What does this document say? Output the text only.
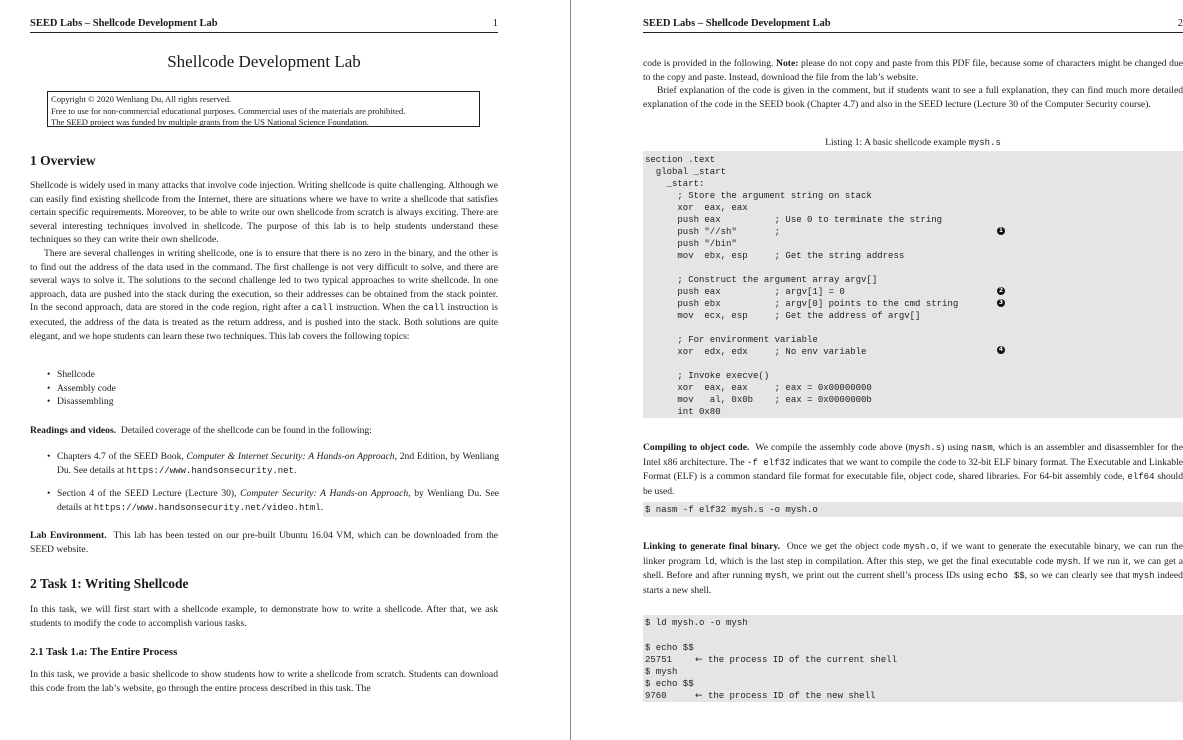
SEED Labs – Shellcode Development Lab	1
Shellcode Development Lab
Copyright © 2020 Wenliang Du, All rights reserved.
Free to use for non-commercial educational purposes. Commercial uses of the materials are prohibited.
The SEED project was funded by multiple grants from the US National Science Foundation.
1 Overview
Shellcode is widely used in many attacks that involve code injection. Writing shellcode is quite challenging. Although we can easily find existing shellcode from the Internet, there are situations where we have to write a shellcode that satisfies certain specific requirements. Moreover, to be able to write our own shellcode from scratch is always exciting. There are several interesting techniques involved in shellcode. The purpose of this lab is to help students understand these techniques so they can write their own shellcode.
There are several challenges in writing shellcode, one is to ensure that there is no zero in the binary, and the other is to find out the address of the data used in the command. The first challenge is not very difficult to solve, and there are several ways to solve it. The solutions to the second challenge led to two typical approaches to write shellcode. In one approach, data are pushed into the stack during the execution, so their addresses can be obtained from the stack pointer. In the second approach, data are stored in the code region, right after a call instruction. When the call instruction is executed, the address of the data is treated as the return address, and is pushed into the stack. Both solutions are quite elegant, and we hope students can learn these two techniques. This lab covers the following topics:
• Shellcode
• Assembly code
• Disassembling
Readings and videos. Detailed coverage of the shellcode can be found in the following:
• Chapters 4.7 of the SEED Book, Computer & Internet Security: A Hands-on Approach, 2nd Edition, by Wenliang Du. See details at https://www.handsonsecurity.net.
• Section 4 of the SEED Lecture (Lecture 30), Computer Security: A Hands-on Approach, by Wenliang Du. See details at https://www.handsonsecurity.net/video.html.
Lab Environment. This lab has been tested on our pre-built Ubuntu 16.04 VM, which can be downloaded from the SEED website.
2 Task 1: Writing Shellcode
In this task, we will first start with a shellcode example, to demonstrate how to write a shellcode. After that, we ask students to modify the code to accomplish various tasks.
2.1 Task 1.a: The Entire Process
In this task, we provide a basic shellcode to show students how to write a shellcode from scratch. Students can download this code from the lab’s website, go through the entire process described in this task. The
SEED Labs – Shellcode Development Lab	2
code is provided in the following. Note: please do not copy and paste from this PDF file, because some of characters might be changed due to the copy and paste. Instead, download the file from the lab’s website.
Brief explanation of the code is given in the comment, but if students want to see a full explanation, they can find much more detailed explanation of the code in the SEED book (Chapter 4.7) and also in the SEED lecture (Lecture 30 of the Computer Security course).
Listing 1: A basic shellcode example mysh.s
section .text
global _start
_start:
; Store the argument string on stack
xor  eax, eax
push eax          ; Use 0 to terminate the string
push "//sh"       ;
push "/bin"
mov  ebx, esp     ; Get the string address
; Construct the argument array argv[]
push eax          ; argv[1] = 0
push ebx          ; argv[0] points to the cmd string
mov  ecx, esp     ; Get the address of argv[]
; For environment variable
xor  edx, edx     ; No env variable
; Invoke execve()
xor  eax, eax     ; eax = 0x00000000
mov   al, 0x0b    ; eax = 0x0000000b
int 0x80
1
2
3
4
Compiling to object code. We compile the assembly code above (mysh.s) using nasm, which is an assembler and disassembler for the Intel x86 architecture. The -f elf32 indicates that we want to compile the code to 32-bit ELF binary format. The Executable and Linkable Format (ELF) is a common standard file format for executable file, object code, shared libraries. For 64-bit assembly code, elf64 should be used.
$ nasm -f elf32 mysh.s -o mysh.o
Linking to generate final binary. Once we get the object code mysh.o, if we want to generate the executable binary, we can run the linker program ld, which is the last step in compilation. After this step, we get the final executable code mysh. If we run it, we can get a shell. Before and after running mysh, we print out the current shell’s process IDs using echo $$, so we can clearly see that mysh indeed starts a new shell.
$ ld mysh.o -o mysh
$ echo $$
25751	← the process ID of the current shell
$ mysh
$ echo $$
9760	← the process ID of the new shell
